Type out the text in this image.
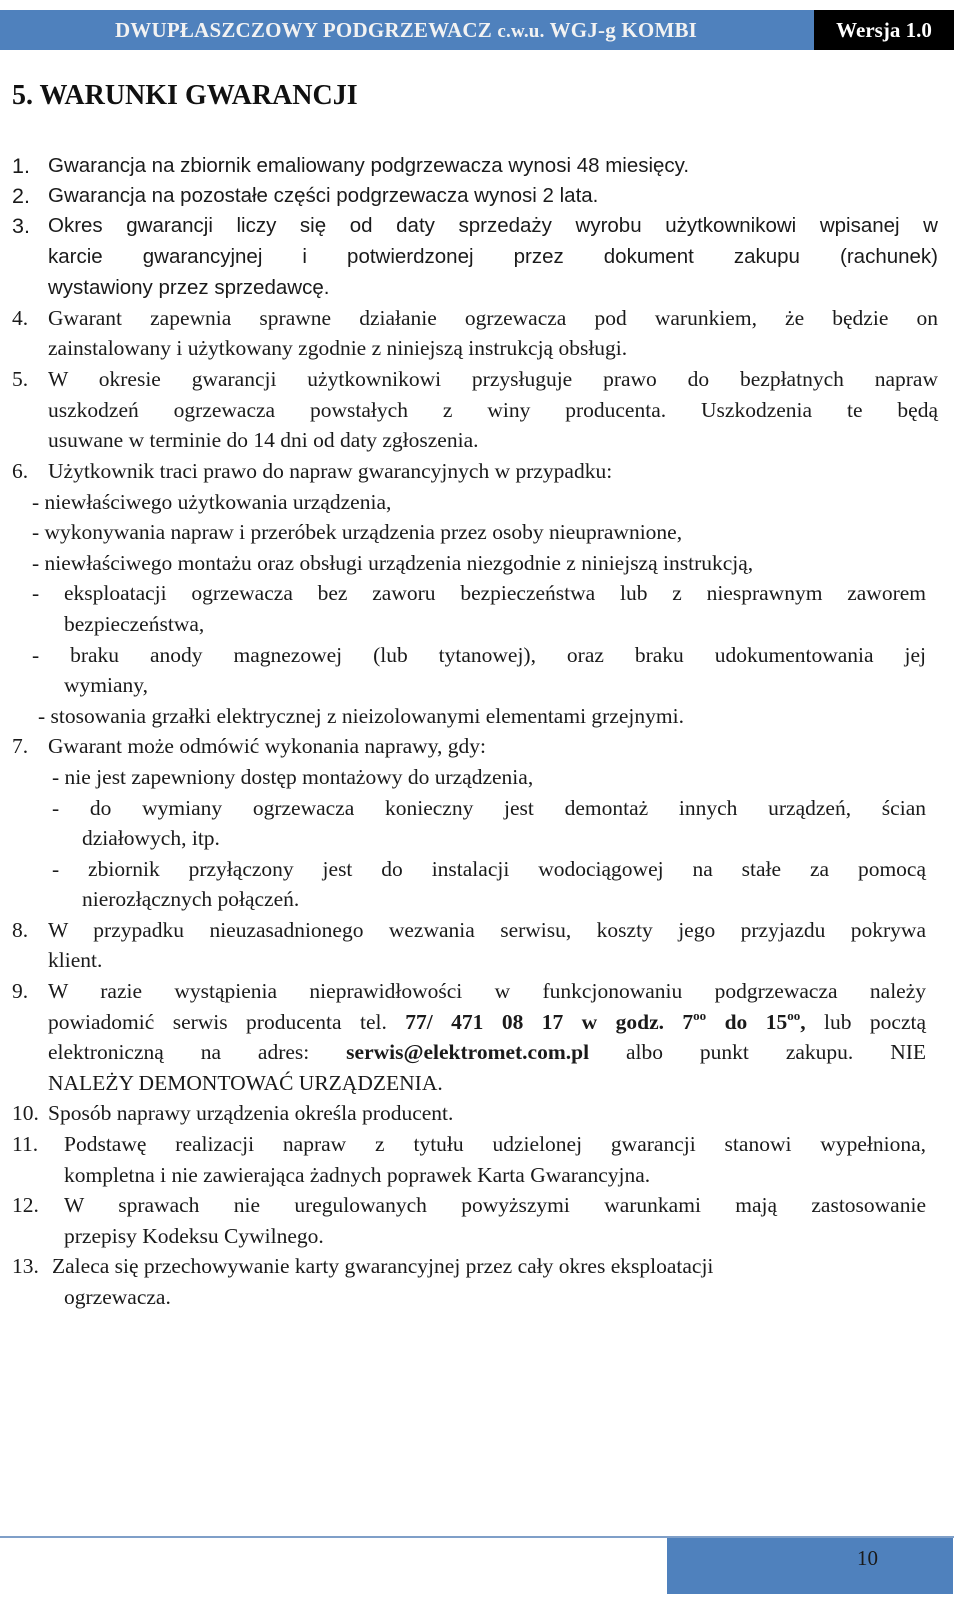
DWUPŁASZCZOWY PODGRZEWACZ c.w.u. WGJ-g KOMBI	Wersja 1.0
5. WARUNKI GWARANCJI
1. Gwarancja na zbiornik emaliowany podgrzewacza wynosi 48 miesięcy.
2. Gwarancja na pozostałe części podgrzewacza wynosi 2 lata.
3. Okres gwarancji liczy się od daty sprzedaży wyrobu użytkownikowi wpisanej w
karcie gwarancyjnej i potwierdzonej przez dokument zakupu (rachunek)
wystawiony przez sprzedawcę.
4. Gwarant zapewnia sprawne działanie ogrzewacza pod warunkiem, że będzie on
zainstalowany i użytkowany zgodnie z niniejszą instrukcją obsługi.
5. W okresie gwarancji użytkownikowi przysługuje prawo do bezpłatnych napraw
uszkodzeń ogrzewacza powstałych z winy producenta. Uszkodzenia te będą
usuwane w terminie do 14 dni od daty zgłoszenia.
6. Użytkownik traci prawo do napraw gwarancyjnych w przypadku:
- niewłaściwego użytkowania urządzenia,
- wykonywania napraw i przeróbek urządzenia przez osoby nieuprawnione,
- niewłaściwego montażu oraz obsługi urządzenia niezgodnie z niniejszą instrukcją,
- eksploatacji ogrzewacza bez zaworu bezpieczeństwa lub z niesprawnym zaworem
bezpieczeństwa,
- braku anody magnezowej (lub tytanowej), oraz braku udokumentowania jej
wymiany,
- stosowania grzałki elektrycznej z nieizolowanymi elementami grzejnymi.
7. Gwarant może odmówić wykonania naprawy, gdy:
- nie jest zapewniony dostęp montażowy do urządzenia,
- do wymiany ogrzewacza konieczny jest demontaż innych urządzeń, ścian
działowych, itp.
- zbiornik przyłączony jest do instalacji wodociągowej na stałe za pomocą
nierozłącznych połączeń.
8. W przypadku nieuzasadnionego wezwania serwisu, koszty jego przyjazdu pokrywa
klient.
9. W razie wystąpienia nieprawidłowości w funkcjonowaniu podgrzewacza należy
powiadomić serwis producenta tel. 77/ 471 08 17 w godz. $7^{oo}$ do $15^{oo}$, lub pocztą
elektroniczną na adres: serwis@elektromet.com.pl albo punkt zakupu. NIE
NALEŻY DEMONTOWAĆ URZĄDZENIA.
10. Sposób naprawy urządzenia określa producent.
11. Podstawę realizacji napraw z tytułu udzielonej gwarancji stanowi wypełniona,
kompletna i nie zawierająca żadnych poprawek Karta Gwarancyjna.
12. W sprawach nie uregulowanych powyższymi warunkami mają zastosowanie
przepisy Kodeksu Cywilnego.
13. Zaleca się przechowywanie karty gwarancyjnej przez cały okres eksploatacji
ogrzewacza.
10
